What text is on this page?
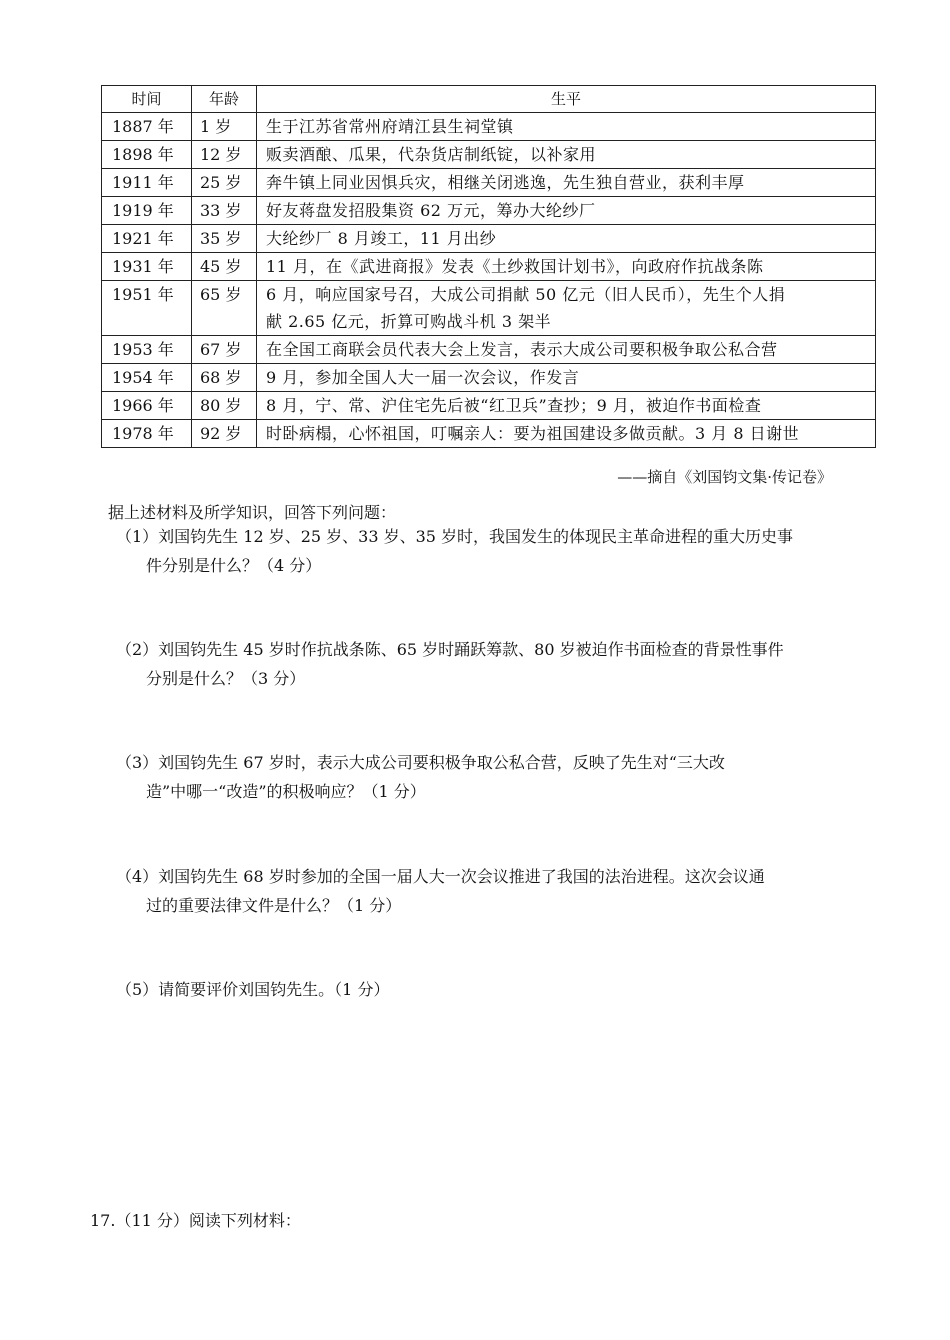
时间	年龄	生平
1887 年	1 岁	生于江苏省常州府靖江县生祠堂镇
1898 年	12 岁	贩卖酒酿、瓜果，代杂货店制纸锭，以补家用
1911 年	25 岁	奔牛镇上同业因惧兵灾，相继关闭逃逸，先生独自营业，获利丰厚
1919 年	33 岁	好友蒋盘发招股集资 62 万元，筹办大纶纱厂
1921 年	35 岁	大纶纱厂 8 月竣工，11 月出纱
1931 年	45 岁	11 月，在《武进商报》发表《土纱救国计划书》，向政府作抗战条陈
1951 年	65 岁	6 月，响应国家号召，大成公司捐献 50 亿元（旧人民币），先生个人捐
献 2.65 亿元，折算可购战斗机 3 架半
1953 年	67 岁	在全国工商联会员代表大会上发言，表示大成公司要积极争取公私合营
1954 年	68 岁	9 月，参加全国人大一届一次会议，作发言
1966 年	80 岁	8 月，宁、常、沪住宅先后被“红卫兵”查抄；9 月，被迫作书面检查
1978 年	92 岁	时卧病榻，心怀祖国，叮嘱亲人：要为祖国建设多做贡献。3 月 8 日谢世
——摘自《刘国钧文集·传记卷》
据上述材料及所学知识，回答下列问题：
（1）刘国钧先生 12 岁、25 岁、33 岁、35 岁时，我国发生的体现民主革命进程的重大历史事
件分别是什么？（4 分）
（2）刘国钧先生 45 岁时作抗战条陈、65 岁时踊跃筹款、80 岁被迫作书面检查的背景性事件
分别是什么？（3 分）
（3）刘国钧先生 67 岁时，表示大成公司要积极争取公私合营，反映了先生对“三大改
造”中哪一“改造”的积极响应？（1 分）
（4）刘国钧先生 68 岁时参加的全国一届人大一次会议推进了我国的法治进程。这次会议通
过的重要法律文件是什么？（1 分）
（5）请简要评价刘国钧先生。（1 分）
17.（11 分）阅读下列材料：
